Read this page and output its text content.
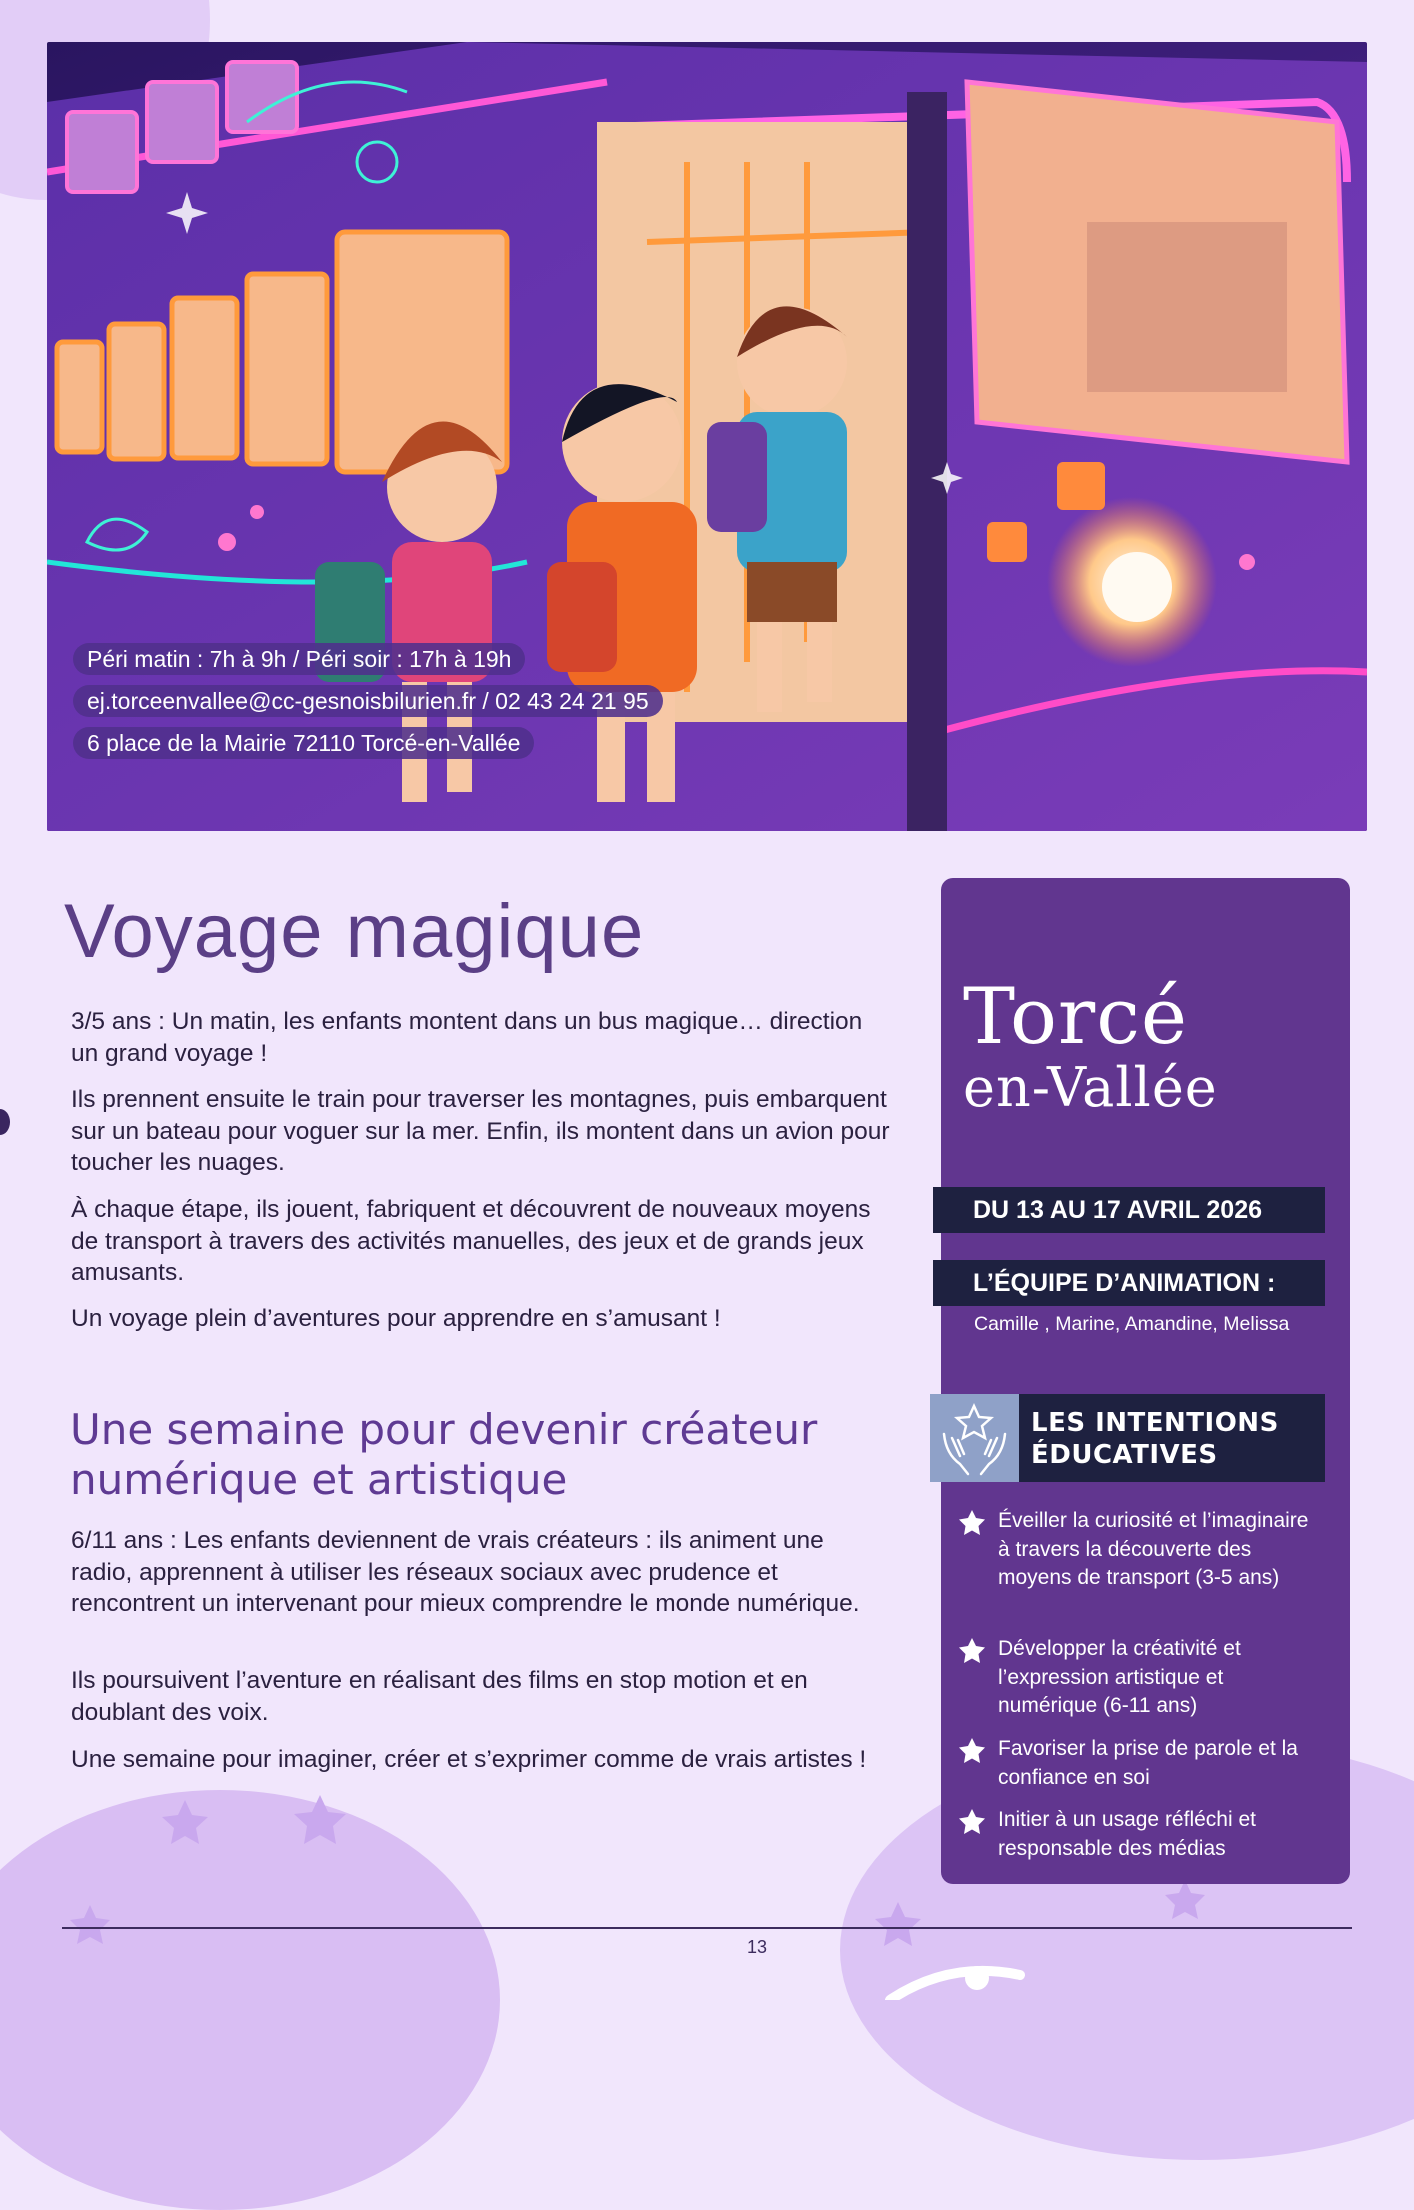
Péri matin : 7h à 9h / Péri soir : 17h à 19h
ej.torceenvallee@cc-gesnoisbilurien.fr / 02 43 24 21 95
6 place de la Mairie 72110 Torcé-en-Vallée
Voyage magique

3/5 ans : Un matin, les enfants montent dans un bus magique… direction un grand voyage !

Ils prennent ensuite le train pour traverser les montagnes, puis embarquent sur un bateau pour voguer sur la mer. Enfin, ils montent dans un avion pour toucher les nuages.

À chaque étape, ils jouent, fabriquent et découvrent de nouveaux moyens de transport à travers des activités manuelles, des jeux et de grands jeux amusants.

Un voyage plein d’aventures pour apprendre en s’amusant !

Une semaine pour devenir créateur numérique et artistique

6/11 ans : Les enfants deviennent de vrais créateurs : ils animent une radio, apprennent à utiliser les réseaux sociaux avec prudence et rencontrent un intervenant pour mieux comprendre le monde numérique.

Ils poursuivent l’aventure en réalisant des films en stop motion et en doublant des voix.

Une semaine pour imaginer, créer et s’exprimer comme de vrais artistes !

Torcé
en-Vallée
DU 13 AU 17 AVRIL 2026
L’ÉQUIPE D’ANIMATION :
Camille , Marine, Amandine, Melissa
LES INTENTIONS
ÉDUCATIVES
Éveiller la curiosité et l’imaginaire à travers la découverte des moyens de transport (3-5 ans)
Développer la créativité et l’expression artistique et numérique (6-11 ans)
Favoriser la prise de parole et la confiance en soi
Initier à un usage réfléchi et responsable des médias
13
